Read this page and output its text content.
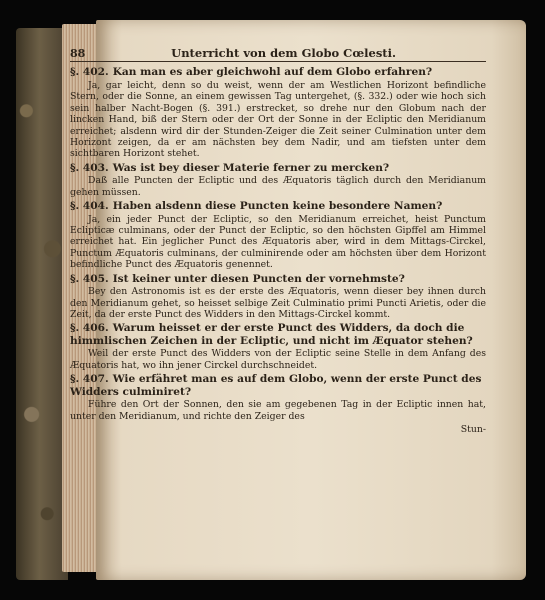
88	Unterricht von dem Globo Cœlesti.
§. 402. Kan man es aber gleichwohl auf dem Globo erfahren?

Ja, gar leicht, denn so du weist, wenn der am Westlichen Horizont befindliche Stern, oder die Sonne, an einem gewissen Tag untergehet, (§. 332.) oder wie hoch sich sein halber Nacht-Bogen (§. 391.) erstrecket, so drehe nur den Globum nach der lincken Hand, biß der Stern oder der Ort der Sonne in der Ecliptic den Meridianum erreichet; alsdenn wird dir der Stunden-Zeiger die Zeit seiner Culmination unter dem Horizont zeigen, da er am nächsten bey dem Nadir, und am tiefsten unter dem sichtbaren Horizont stehet.

§. 403. Was ist bey dieser Materie ferner zu mercken?

Daß alle Puncten der Ecliptic und des Æquatoris täglich durch den Meridianum gehen müssen.

§. 404. Haben alsdenn diese Puncten keine besondere Namen?

Ja, ein jeder Punct der Ecliptic, so den Meridianum erreichet, heist Punctum Eclipticæ culminans, oder der Punct der Ecliptic, so den höchsten Gipffel am Himmel erreichet hat. Ein jeglicher Punct des Æquatoris aber, wird in dem Mittags-Circkel, Punctum Æquatoris culminans, der culminirende oder am höchsten über dem Horizont befindliche Punct des Æquatoris genennet.

§. 405. Ist keiner unter diesen Puncten der vornehmste?

Bey den Astronomis ist es der erste des Æquatoris, wenn dieser bey ihnen durch den Meridianum gehet, so heisset selbige Zeit Culminatio primi Puncti Arietis, oder die Zeit, da der erste Punct des Widders in den Mittags-Circkel kommt.

§. 406. Warum heisset er der erste Punct des Widders, da doch die himmlischen Zeichen in der Ecliptic, und nicht im Æquator stehen?

Weil der erste Punct des Widders von der Ecliptic seine Stelle in dem Anfang des Æquatoris hat, wo ihn jener Circkel durchschneidet.

§. 407. Wie erfähret man es auf dem Globo, wenn der erste Punct des Widders culminiret?

Führe den Ort der Sonnen, den sie am gegebenen Tag in der Ecliptic innen hat, unter den Meridianum, und richte den Zeiger des

Stun-
